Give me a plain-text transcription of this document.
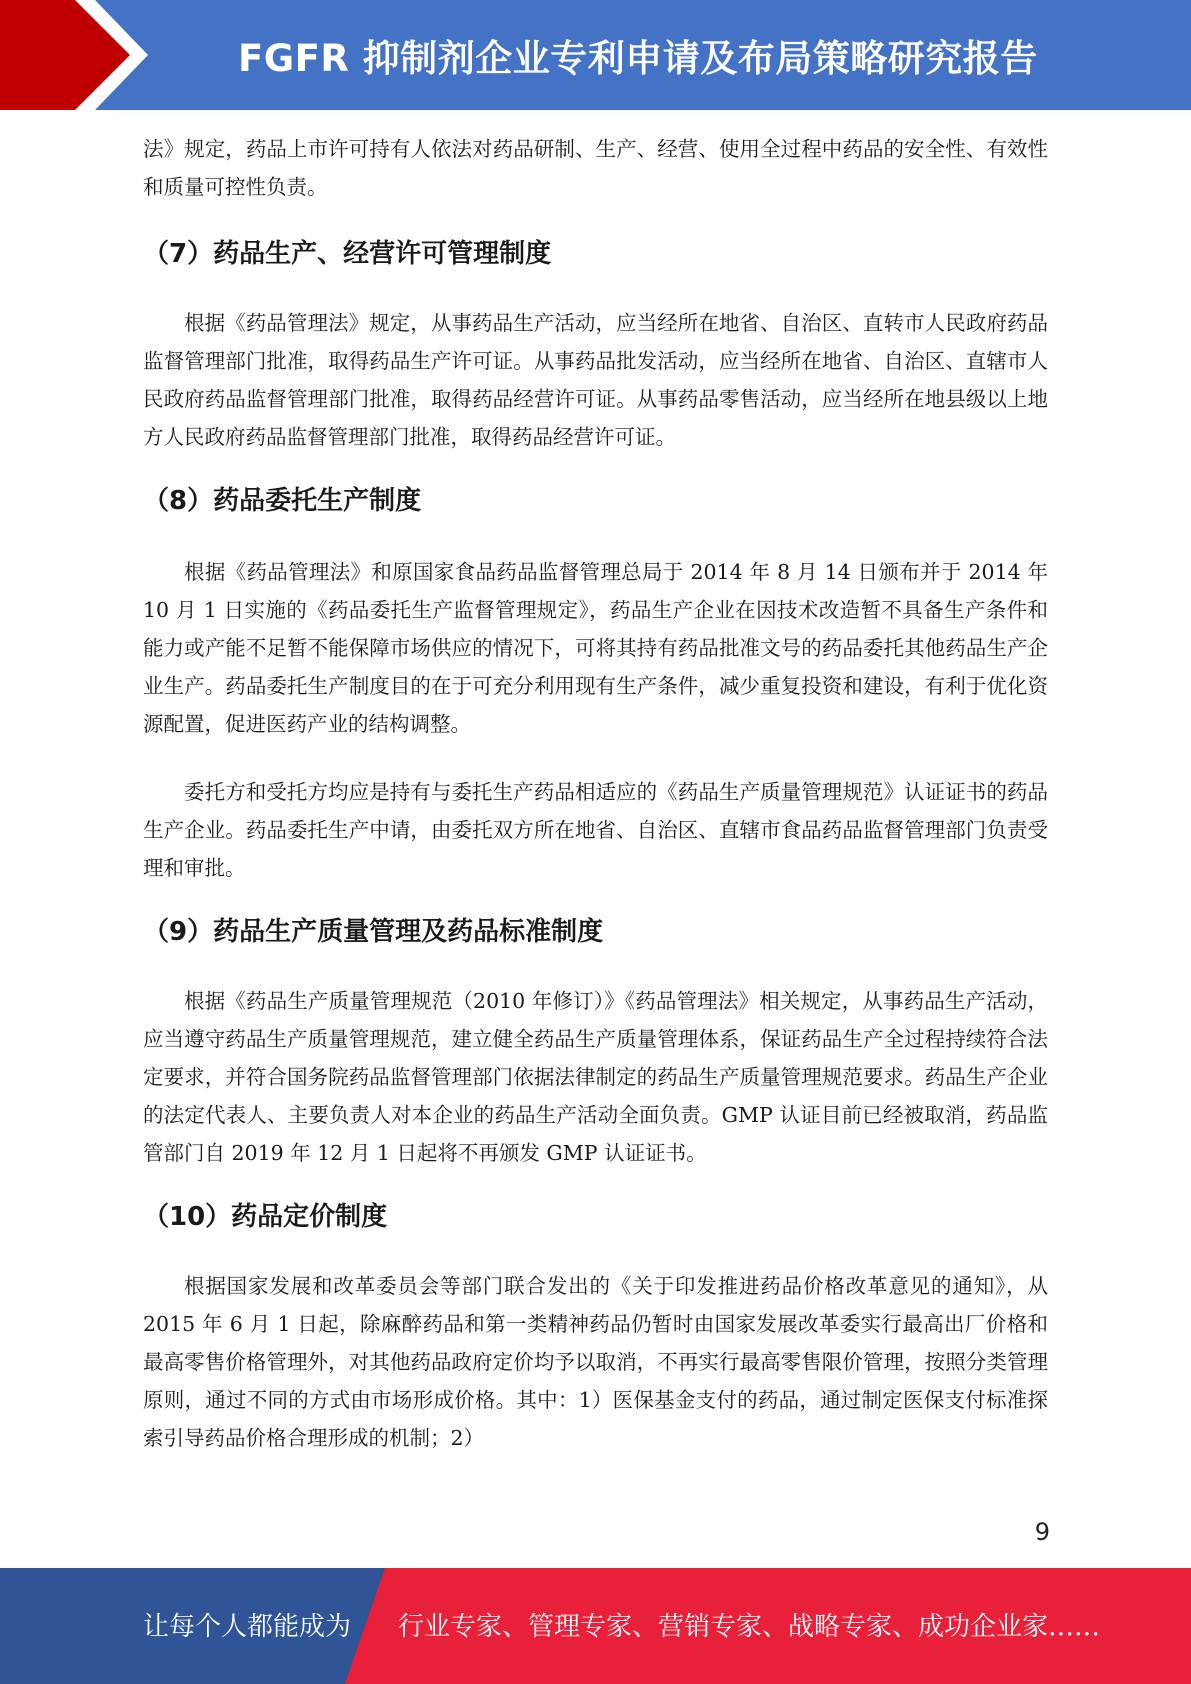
FGFR 抑制剂企业专利申请及布局策略研究报告

法》规定，药品上市许可持有人依法对药品研制、生产、经营、使用全过程中药品的安全性、有效性和质量可控性负责。

（7）药品生产、经营许可管理制度

根据《药品管理法》规定，从事药品生产活动，应当经所在地省、自治区、直转市人民政府药品监督管理部门批准，取得药品生产许可证。从事药品批发活动，应当经所在地省、自治区、直辖市人民政府药品监督管理部门批准，取得药品经营许可证。从事药品零售活动，应当经所在地县级以上地方人民政府药品监督管理部门批准，取得药品经营许可证。

（8）药品委托生产制度

根据《药品管理法》和原国家食品药品监督管理总局于 2014 年 8 月 14 日颁布并于 2014 年 10 月 1 日实施的《药品委托生产监督管理规定》，药品生产企业在因技术改造暂不具备生产条件和能力或产能不足暂不能保障市场供应的情况下，可将其持有药品批准文号的药品委托其他药品生产企业生产。药品委托生产制度目的在于可充分利用现有生产条件，减少重复投资和建设，有利于优化资源配置，促进医药产业的结构调整。

委托方和受托方均应是持有与委托生产药品相适应的《药品生产质量管理规范》认证证书的药品生产企业。药品委托生产中请，由委托双方所在地省、自治区、直辖市食品药品监督管理部门负责受理和审批。

（9）药品生产质量管理及药品标准制度

根据《药品生产质量管理规范（2010 年修订）》《药品管理法》相关规定，从事药品生产活动，应当遵守药品生产质量管理规范，建立健全药品生产质量管理体系，保证药品生产全过程持续符合法定要求，并符合国务院药品监督管理部门依据法律制定的药品生产质量管理规范要求。药品生产企业的法定代表人、主要负责人对本企业的药品生产活动全面负责。GMP 认证目前已经被取消，药品监管部门自 2019 年 12 月 1 日起将不再颁发 GMP 认证证书。

（10）药品定价制度

根据国家发展和改革委员会等部门联合发出的《关于印发推进药品价格改革意见的通知》，从 2015 年 6 月 1 日起，除麻醉药品和第一类精神药品仍暂时由国家发展改革委实行最高出厂价格和最高零售价格管理外，对其他药品政府定价均予以取消，不再实行最高零售限价管理，按照分类管理原则，通过不同的方式由市场形成价格。其中：1）医保基金支付的药品，通过制定医保支付标准探索引导药品价格合理形成的机制；2）

9
让每个人都能成为 行业专家、管理专家、营销专家、战略专家、成功企业家……
